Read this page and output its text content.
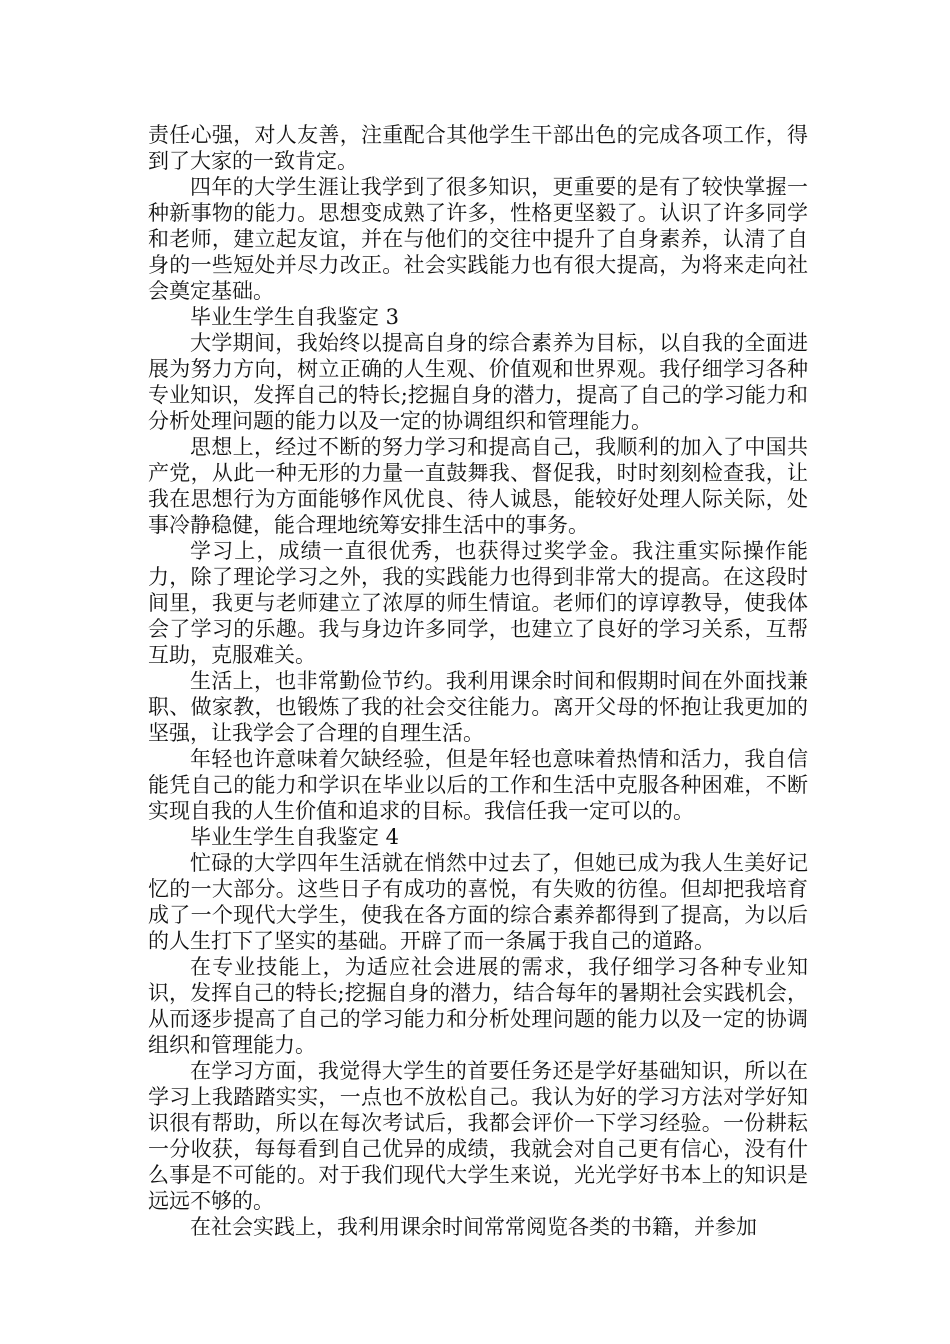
责任心强，对人友善，注重配合其他学生干部出色的完成各项工作，得到了大家的一致肯定。

四年的大学生涯让我学到了很多知识，更重要的是有了较快掌握一种新事物的能力。思想变成熟了许多，性格更坚毅了。认识了许多同学和老师，建立起友谊，并在与他们的交往中提升了自身素养，认清了自身的一些短处并尽力改正。社会实践能力也有很大提高，为将来走向社会奠定基础。

毕业生学生自我鉴定 3

大学期间，我始终以提高自身的综合素养为目标，以自我的全面进展为努力方向，树立正确的人生观、价值观和世界观。我仔细学习各种专业知识，发挥自己的特长;挖掘自身的潜力，提高了自己的学习能力和分析处理问题的能力以及一定的协调组织和管理能力。

思想上，经过不断的努力学习和提高自己，我顺利的加入了中国共产党，从此一种无形的力量一直鼓舞我、督促我，时时刻刻检查我，让我在思想行为方面能够作风优良、待人诚恳，能较好处理人际关际，处事冷静稳健，能合理地统筹安排生活中的事务。

学习上，成绩一直很优秀，也获得过奖学金。我注重实际操作能力，除了理论学习之外，我的实践能力也得到非常大的提高。在这段时间里，我更与老师建立了浓厚的师生情谊。老师们的谆谆教导，使我体会了学习的乐趣。我与身边许多同学，也建立了良好的学习关系，互帮互助，克服难关。

生活上，也非常勤俭节约。我利用课余时间和假期时间在外面找兼职、做家教，也锻炼了我的社会交往能力。离开父母的怀抱让我更加的坚强，让我学会了合理的自理生活。

年轻也许意味着欠缺经验，但是年轻也意味着热情和活力，我自信能凭自己的能力和学识在毕业以后的工作和生活中克服各种困难，不断实现自我的人生价值和追求的目标。我信任我一定可以的。

毕业生学生自我鉴定 4

忙碌的大学四年生活就在悄然中过去了，但她已成为我人生美好记忆的一大部分。这些日子有成功的喜悦，有失败的彷徨。但却把我培育成了一个现代大学生，使我在各方面的综合素养都得到了提高，为以后的人生打下了坚实的基础。开辟了而一条属于我自己的道路。

在专业技能上，为适应社会进展的需求，我仔细学习各种专业知识，发挥自己的特长;挖掘自身的潜力，结合每年的暑期社会实践机会，从而逐步提高了自己的学习能力和分析处理问题的能力以及一定的协调组织和管理能力。

在学习方面，我觉得大学生的首要任务还是学好基础知识，所以在学习上我踏踏实实，一点也不放松自己。我认为好的学习方法对学好知识很有帮助，所以在每次考试后，我都会评价一下学习经验。一份耕耘一分收获，每每看到自己优异的成绩，我就会对自己更有信心，没有什么事是不可能的。对于我们现代大学生来说，光光学好书本上的知识是远远不够的。

在社会实践上，我利用课余时间常常阅览各类的书籍，并参加
